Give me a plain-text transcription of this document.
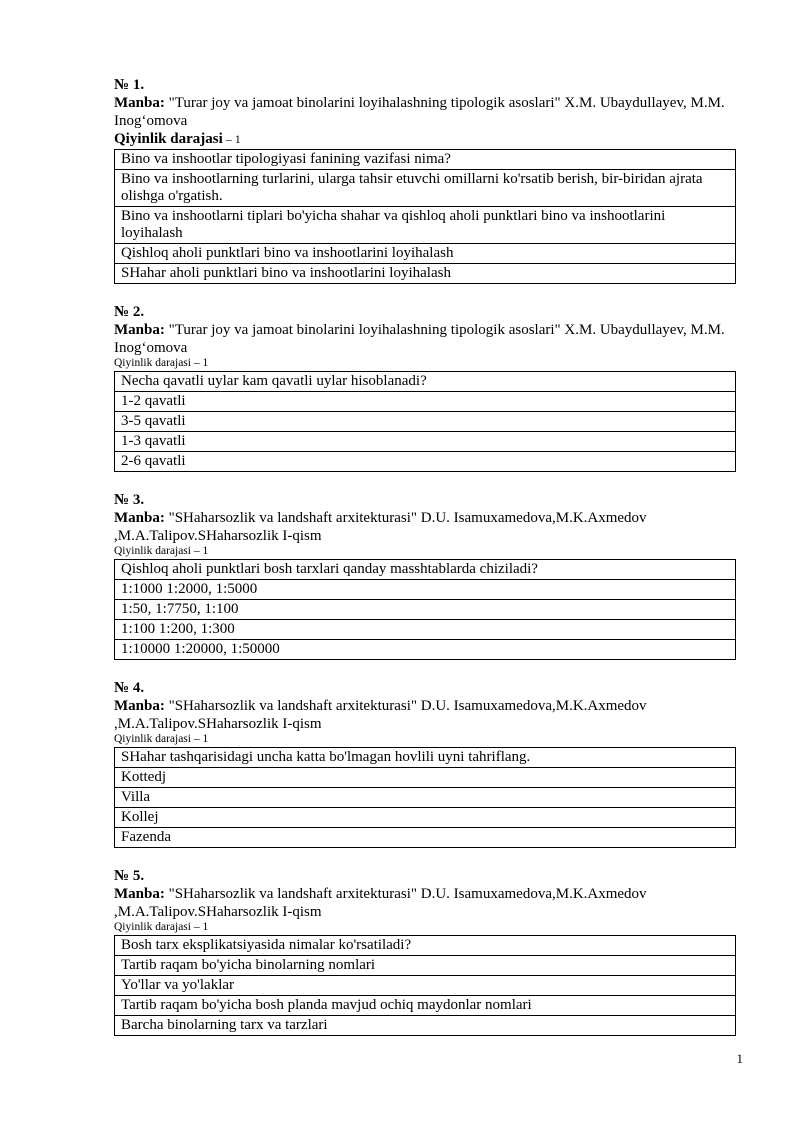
№ 1.
Manba: "Turar joy va jamoat binolarini loyihalashning tipologik asoslari" X.M. Ubaydullayev, M.M. Inog‘omova
Qiyinlik darajasi – 1
Bino va inshootlar tipologiyasi fanining vazifasi nima?
Bino va inshootlarning turlarini, ularga tahsir etuvchi omillarni ko'rsatib berish, bir-biridan ajrata olishga o'rgatish.
Bino va inshootlarni tiplari bo'yicha shahar va qishloq aholi punktlari bino va inshootlarini loyihalash
Qishloq aholi punktlari bino va inshootlarini loyihalash
SHahar aholi punktlari bino va inshootlarini loyihalash
№ 2.
Manba: "Turar joy va jamoat binolarini loyihalashning tipologik asoslari" X.M. Ubaydullayev, M.M. Inog‘omova
Qiyinlik darajasi – 1
Necha qavatli uylar kam qavatli uylar hisoblanadi?
1-2 qavatli
3-5 qavatli
1-3 qavatli
2-6 qavatli
№ 3.
Manba: "SHaharsozlik va landshaft arxitekturasi" D.U. Isamuxamedova,M.K.Axmedov ,M.A.Talipov.SHaharsozlik I-qism
Qiyinlik darajasi – 1
Qishloq aholi punktlari bosh tarxlari qanday masshtablarda chiziladi?
1:1000 1:2000, 1:5000
1:50, 1:7750, 1:100
1:100 1:200, 1:300
1:10000 1:20000, 1:50000
№ 4.
Manba: "SHaharsozlik va landshaft arxitekturasi" D.U. Isamuxamedova,M.K.Axmedov ,M.A.Talipov.SHaharsozlik I-qism
Qiyinlik darajasi – 1
SHahar tashqarisidagi uncha katta bo'lmagan hovlili uyni tahriflang.
Kottedj
Villa
Kollej
Fazenda
№ 5.
Manba: "SHaharsozlik va landshaft arxitekturasi" D.U. Isamuxamedova,M.K.Axmedov ,M.A.Talipov.SHaharsozlik I-qism
Qiyinlik darajasi – 1
Bosh tarx eksplikatsiyasida nimalar ko'rsatiladi?
Tartib raqam bo'yicha binolarning nomlari
Yo'llar va yo'laklar
Tartib raqam bo'yicha bosh planda mavjud ochiq maydonlar nomlari
Barcha binolarning tarx va tarzlari
1
